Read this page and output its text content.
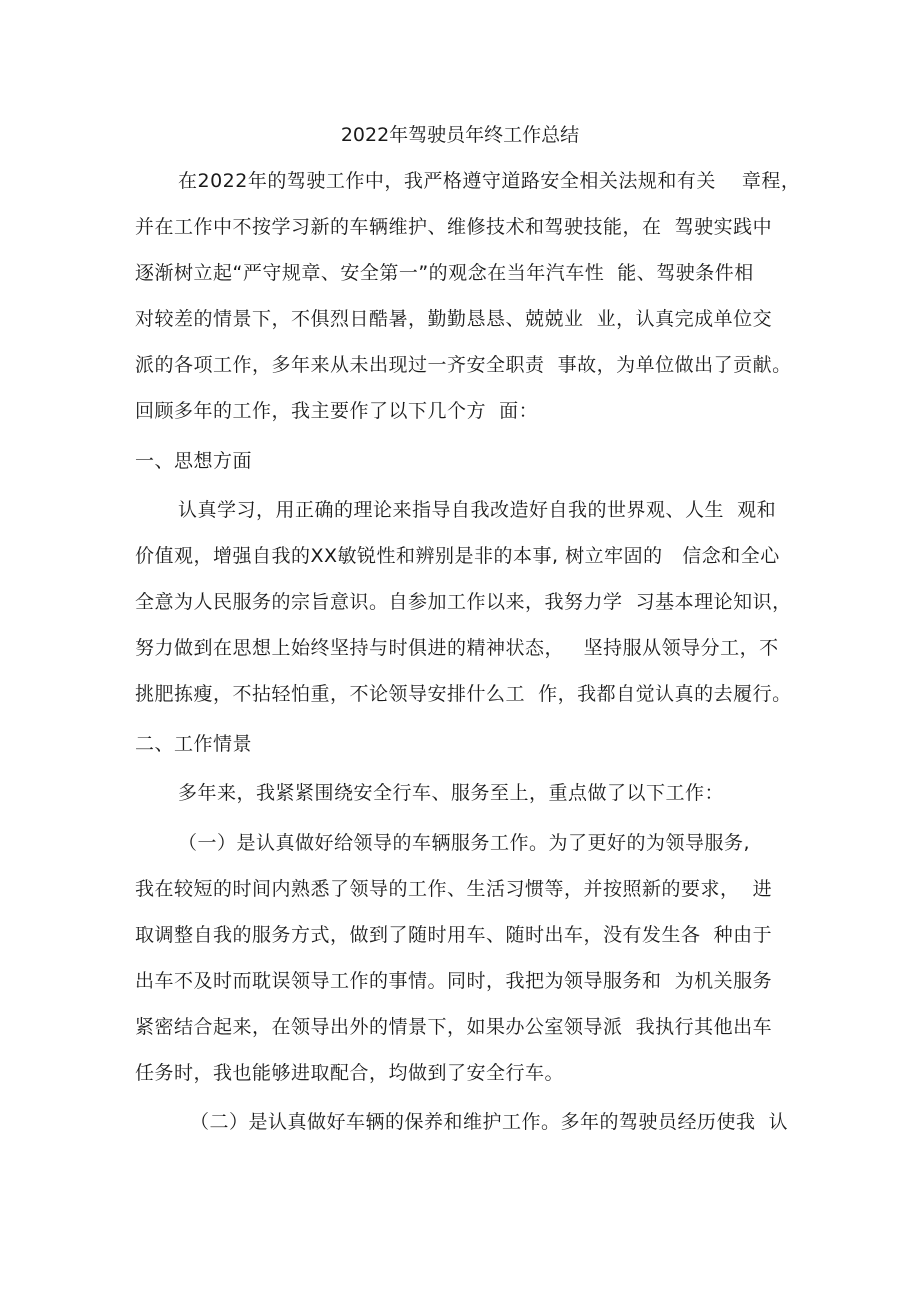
2022年驾驶员年终工作总结
在2022年的驾驶工作中，我严格遵守道路安全相关法规和有关　 章程，
并在工作中不按学习新的车辆维护、维修技术和驾驶技能，在  驾驶实践中
逐渐树立起“严守规章、安全第一”的观念在当年汽车性  能、驾驶条件相
对较差的情景下，不俱烈日酷暑，勤勤恳恳、兢兢业  业，认真完成单位交
派的各项工作，多年来从未出现过一齐安全职责  事故，为单位做出了贡献。
回顾多年的工作，我主要作了以下几个方  面：
一、思想方面
认真学习，用正确的理论来指导自我改造好自我的世界观、人生  观和
价值观，增强自我的XX敏锐性和辨别是非的本事, 树立牢固的   信念和全心
全意为人民服务的宗旨意识。自参加工作以来，我努力学  习基本理论知识，
努力做到在思想上始终坚持与时俱进的精神状态，   坚持服从领导分工，不
挑肥拣瘦，不拈轻怕重，不论领导安排什么工  作，我都自觉认真的去履行。
二、工作情景
多年来，我紧紧围绕安全行车、服务至上，重点做了以下工作：
（一）是认真做好给领导的车辆服务工作。为了更好的为领导服务,
我在较短的时间内熟悉了领导的工作、生活习惯等，并按照新的要求，  进
取调整自我的服务方式，做到了随时用车、随时出车，没有发生各  种由于
出车不及时而耽误领导工作的事情。同时，我把为领导服务和  为机关服务
紧密结合起来，在领导出外的情景下，如果办公室领导派  我执行其他出车
任务时，我也能够进取配合，均做到了安全行车。
（二）是认真做好车辆的保养和维护工作。多年的驾驶员经历使我  认
